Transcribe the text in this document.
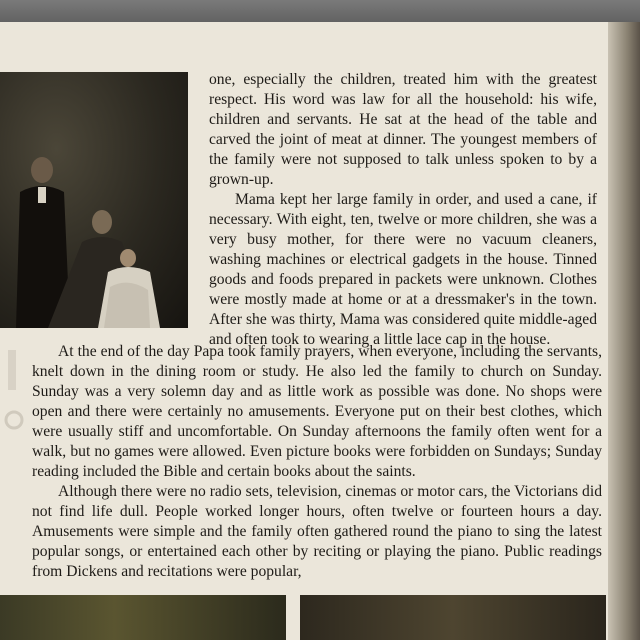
one, especially the children, treated him with the greatest respect. His word was law for all the household: his wife, children and servants. He sat at the head of the table and carved the joint of meat at dinner. The youngest members of the family were not supposed to talk unless spoken to by a grown-up.

Mama kept her large family in order, and used a cane, if necessary. With eight, ten, twelve or more children, she was a very busy mother, for there were no vacuum cleaners, washing machines or electrical gadgets in the house. Tinned goods and foods prepared in packets were unknown. Clothes were mostly made at home or at a dressmaker's in the town. After she was thirty, Mama was considered quite middle-aged and often took to wearing a little lace cap in the house.

At the end of the day Papa took family prayers, when everyone, including the servants, knelt down in the dining room or study. He also led the family to church on Sunday. Sunday was a very solemn day and as little work as possible was done. No shops were open and there were certainly no amusements. Everyone put on their best clothes, which were usually stiff and uncomfortable. On Sunday afternoons the family often went for a walk, but no games were allowed. Even picture books were forbidden on Sundays; Sunday reading included the Bible and certain books about the saints.

Although there were no radio sets, television, cinemas or motor cars, the Victorians did not find life dull. People worked longer hours, often twelve or fourteen hours a day. Amusements were simple and the family often gathered round the piano to sing the latest popular songs, or entertained each other by reciting or playing the piano. Public readings from Dickens and recitations were popular,
